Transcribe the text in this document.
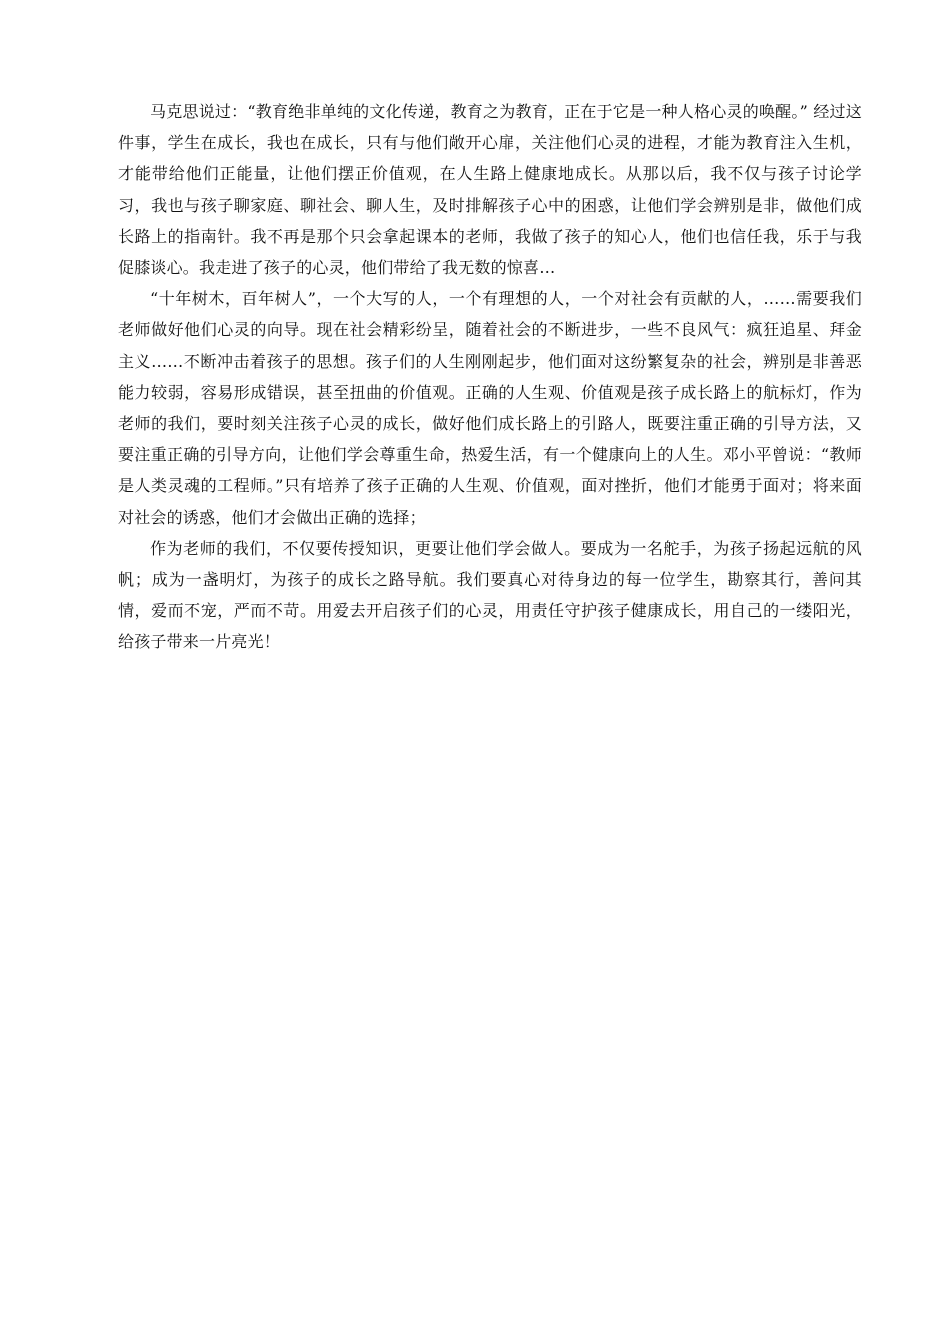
马克思说过：“教育绝非单纯的文化传递，教育之为教育，正在于它是一种人格心灵的唤醒。” 经过这件事，学生在成长，我也在成长，只有与他们敞开心扉，关注他们心灵的进程，才能为教育注入生机，才能带给他们正能量，让他们摆正价值观，在人生路上健康地成长。从那以后，我不仅与孩子讨论学习，我也与孩子聊家庭、聊社会、聊人生，及时排解孩子心中的困惑，让他们学会辨别是非，做他们成长路上的指南针。我不再是那个只会拿起课本的老师，我做了孩子的知心人，他们也信任我，乐于与我促膝谈心。我走进了孩子的心灵，他们带给了我无数的惊喜…

“十年树木，百年树人”，一个大写的人，一个有理想的人，一个对社会有贡献的人，……需要我们老师做好他们心灵的向导。现在社会精彩纷呈，随着社会的不断进步，一些不良风气：疯狂追星、拜金主义……不断冲击着孩子的思想。孩子们的人生刚刚起步，他们面对这纷繁复杂的社会，辨别是非善恶能力较弱，容易形成错误，甚至扭曲的价值观。正确的人生观、价值观是孩子成长路上的航标灯，作为老师的我们，要时刻关注孩子心灵的成长，做好他们成长路上的引路人，既要注重正确的引导方法，又要注重正确的引导方向，让他们学会尊重生命，热爱生活，有一个健康向上的人生。邓小平曾说：“教师是人类灵魂的工程师。”只有培养了孩子正确的人生观、价值观，面对挫折，他们才能勇于面对；将来面对社会的诱惑，他们才会做出正确的选择；

作为老师的我们，不仅要传授知识，更要让他们学会做人。要成为一名舵手，为孩子扬起远航的风帆；成为一盏明灯，为孩子的成长之路导航。我们要真心对待身边的每一位学生，勘察其行，善问其情，爱而不宠，严而不苛。用爱去开启孩子们的心灵，用责任守护孩子健康成长，用自己的一缕阳光，给孩子带来一片亮光！
